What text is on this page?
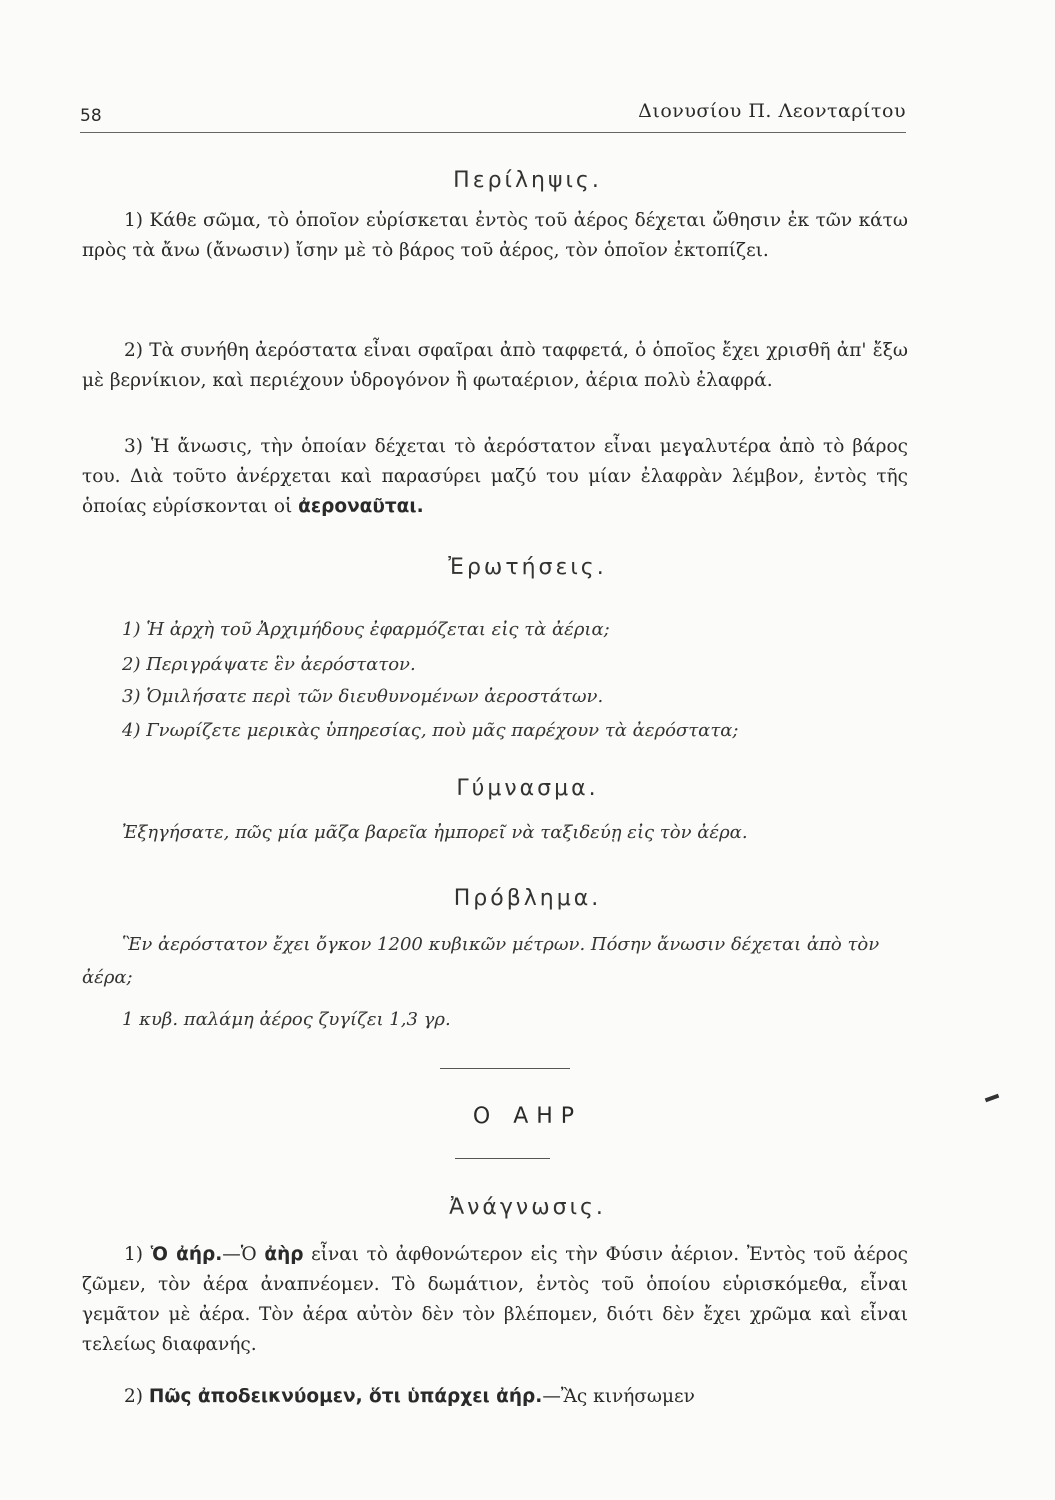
58	Διονυσίου Π. Λεονταρίτου
Περίληψις.

1) Κάθε σῶμα, τὸ ὁποῖον εὑρίσκεται ἐντὸς τοῦ ἀέρος δέχεται ὤθησιν ἐκ τῶν κάτω πρὸς τὰ ἄνω (ἄνωσιν) ἴσην μὲ τὸ βάρος τοῦ ἀέρος, τὸν ὁποῖον ἐκτοπίζει.

2) Τὰ συνήθη ἀερόστατα εἶναι σφαῖραι ἀπὸ ταφφετά, ὁ ὁποῖος ἔχει χρισθῆ ἀπ' ἔξω μὲ βερνίκιον, καὶ περιέχουν ὑδρογόνον ἢ φωταέριον, ἀέρια πολὺ ἐλαφρά.

3) Ἡ ἄνωσις, τὴν ὁποίαν δέχεται τὸ ἀερόστατον εἶναι μεγαλυτέρα ἀπὸ τὸ βάρος του. Διὰ τοῦτο ἀνέρχεται καὶ παρασύρει μαζύ του μίαν ἐλαφρὰν λέμβον, ἐντὸς τῆς ὁποίας εὑρίσκονται οἱ ἀεροναῦται.

Ἐρωτήσεις.
1) Ἡ ἀρχὴ τοῦ Ἀρχιμήδους ἐφαρμόζεται εἰς τὰ ἀέρια;
2) Περιγράψατε ἓν ἀερόστατον.
3) Ὁμιλήσατε περὶ τῶν διευθυνομένων ἀεροστάτων.
4) Γνωρίζετε μερικὰς ὑπηρεσίας, ποὺ μᾶς παρέχουν τὰ ἀερόστατα;
Γύμνασμα.
Ἐξηγήσατε, πῶς μία μᾶζα βαρεῖα ἠμπορεῖ νὰ ταξιδεύῃ εἰς τὸν ἀέρα.
Πρόβλημα.

Ἓν ἀερόστατον ἔχει ὄγκον 1200 κυβικῶν μέτρων. Πόσην ἄνωσιν δέχεται ἀπὸ τὸν ἀέρα;

1 κυβ. παλάμη ἀέρος ζυγίζει 1,3 γρ.
Ο ΑΗΡ
Ἀνάγνωσις.

1) Ὁ ἀήρ.—Ὁ ἀὴρ εἶναι τὸ ἀφθονώτερον εἰς τὴν Φύσιν ἀέριον. Ἐντὸς τοῦ ἀέρος ζῶμεν, τὸν ἀέρα ἀναπνέομεν. Τὸ δωμάτιον, ἐντὸς τοῦ ὁποίου εὑρισκόμεθα, εἶναι γεμᾶτον μὲ ἀέρα. Τὸν ἀέρα αὐτὸν δὲν τὸν βλέπομεν, διότι δὲν ἔχει χρῶμα καὶ εἶναι τελείως διαφανής.

2) Πῶς ἀποδεικνύομεν, ὅτι ὑπάρχει ἀήρ.—Ἂς κινήσωμεν
